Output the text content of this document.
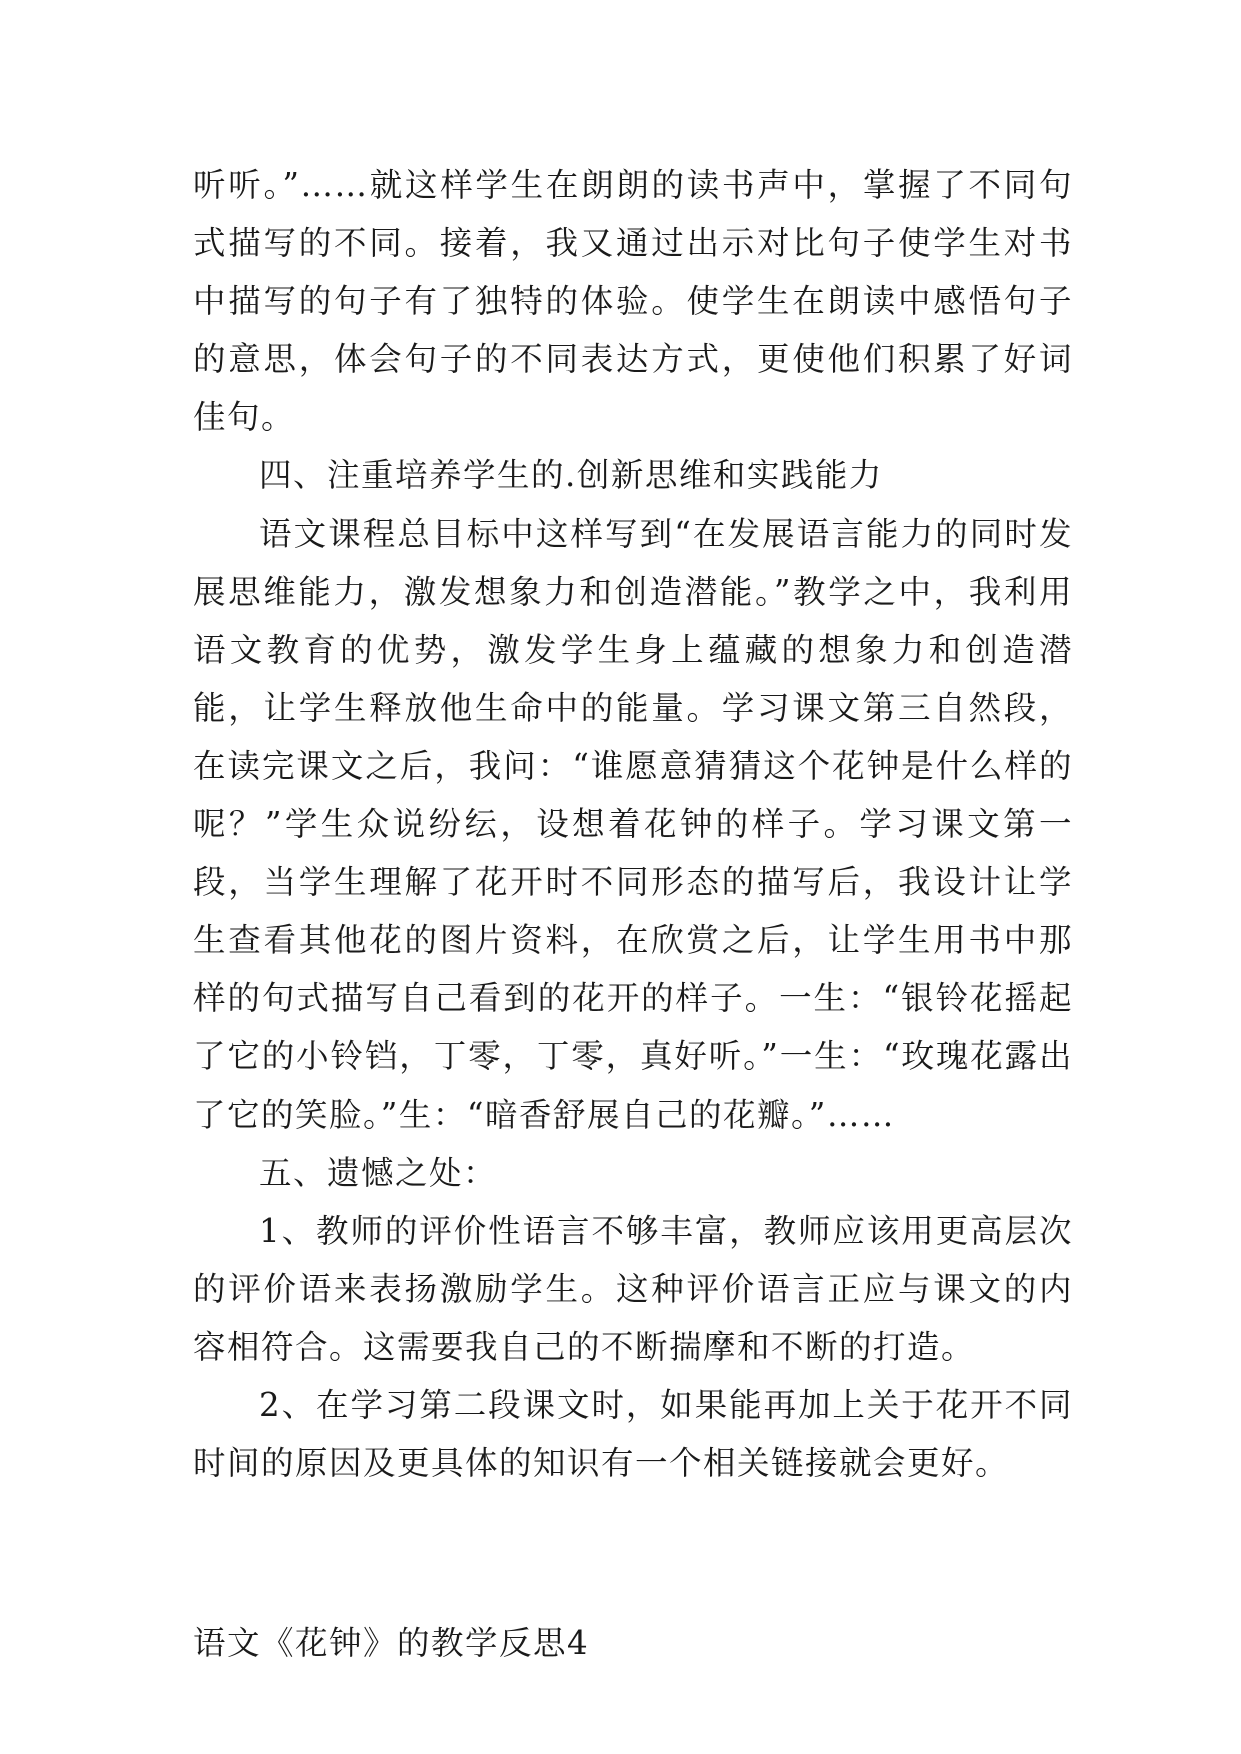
听听。”……就这样学生在朗朗的读书声中，掌握了不同句式描写的不同。接着，我又通过出示对比句子使学生对书中描写的句子有了独特的体验。使学生在朗读中感悟句子的意思，体会句子的不同表达方式，更使他们积累了好词佳句。

四、注重培养学生的.创新思维和实践能力

语文课程总目标中这样写到“在发展语言能力的同时发展思维能力，激发想象力和创造潜能。”教学之中，我利用语文教育的优势，激发学生身上蕴藏的想象力和创造潜能，让学生释放他生命中的能量。学习课文第三自然段，在读完课文之后，我问：“谁愿意猜猜这个花钟是什么样的呢？”学生众说纷纭，设想着花钟的样子。学习课文第一段，当学生理解了花开时不同形态的描写后，我设计让学生查看其他花的图片资料，在欣赏之后，让学生用书中那样的句式描写自己看到的花开的样子。一生：“银铃花摇起了它的小铃铛，丁零，丁零，真好听。”一生：“玫瑰花露出了它的笑脸。”生：“暗香舒展自己的花瓣。”……

五、遗憾之处：

1、教师的评价性语言不够丰富，教师应该用更高层次的评价语来表扬激励学生。这种评价语言正应与课文的内容相符合。这需要我自己的不断揣摩和不断的打造。

2、在学习第二段课文时，如果能再加上关于花开不同时间的原因及更具体的知识有一个相关链接就会更好。

语文《花钟》的教学反思4
